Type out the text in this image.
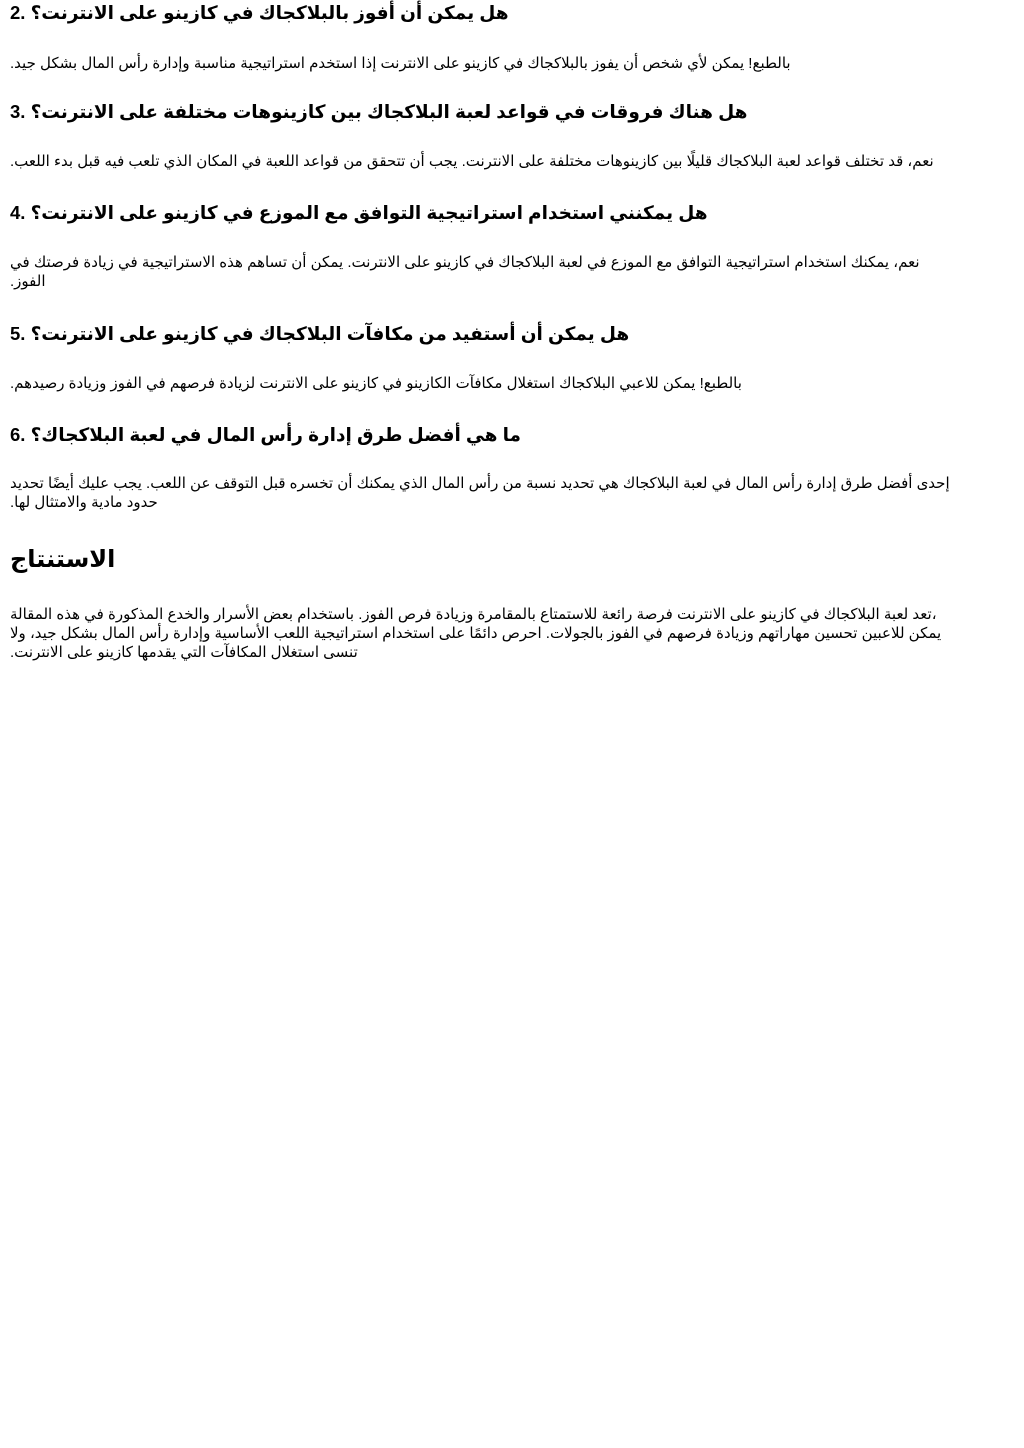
هل يمكن أن أفوز بالبلاكجاك في كازينو على الانترنت؟ .2

.بالطبع! يمكن لأي شخص أن يفوز بالبلاكجاك في كازينو على الانترنت إذا استخدم استراتيجية مناسبة وإدارة رأس المال بشكل جيد

هل هناك فروقات في قواعد لعبة البلاكجاك بين كازينوهات مختلفة على الانترنت؟ .3

.نعم، قد تختلف قواعد لعبة البلاكجاك قليلًا بين كازينوهات مختلفة على الانترنت. يجب أن تتحقق من قواعد اللعبة في المكان الذي تلعب فيه قبل بدء اللعب

هل يمكنني استخدام استراتيجية التوافق مع الموزع في كازينو على الانترنت؟ .4

نعم، يمكنك استخدام استراتيجية التوافق مع الموزع في لعبة البلاكجاك في كازينو على الانترنت. يمكن أن تساهم هذه الاستراتيجية في زيادة فرصتك في

.الفوز

هل يمكن أن أستفيد من مكافآت البلاكجاك في كازينو على الانترنت؟ .5

.بالطبع! يمكن للاعبي البلاكجاك استغلال مكافآت الكازينو في كازينو على الانترنت لزيادة فرصهم في الفوز وزيادة رصيدهم

ما هي أفضل طرق إدارة رأس المال في لعبة البلاكجاك؟ .6

إحدى أفضل طرق إدارة رأس المال في لعبة البلاكجاك هي تحديد نسبة من رأس المال الذي يمكنك أن تخسره قبل التوقف عن اللعب. يجب عليك أيضًا تحديد

.حدود مادية والامتثال لها

الاستنتاج

تعد لعبة البلاكجاك في كازينو على الانترنت فرصة رائعة للاستمتاع بالمقامرة وزيادة فرص الفوز. باستخدام بعض الأسرار والخدع المذكورة في هذه المقالة،

يمكن للاعبين تحسين مهاراتهم وزيادة فرصهم في الفوز بالجولات. احرص دائمًا على استخدام استراتيجية اللعب الأساسية وإدارة رأس المال بشكل جيد، ولا

.تنسى استغلال المكافآت التي يقدمها كازينو على الانترنت
